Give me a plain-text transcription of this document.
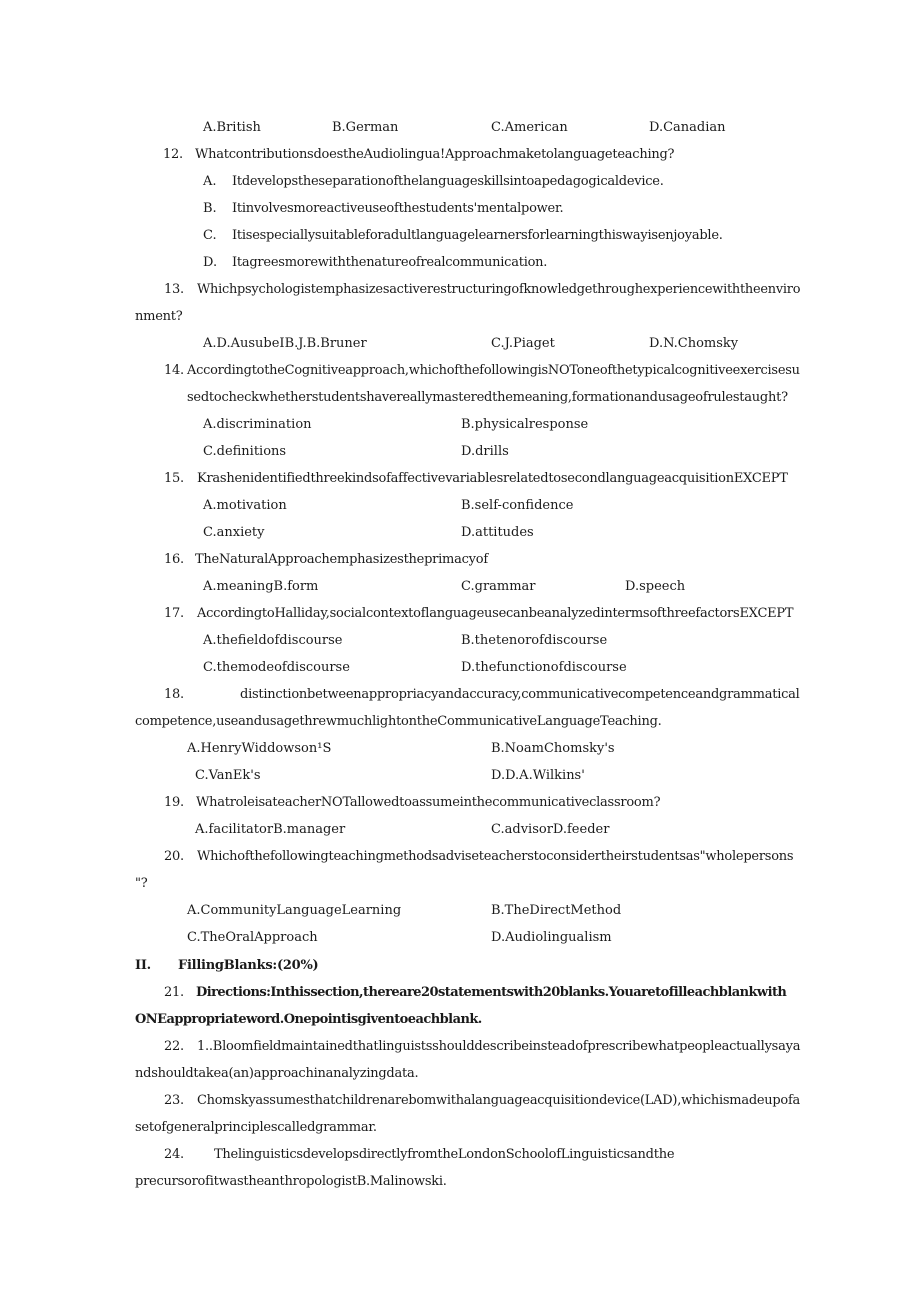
A.British	B.German	C.American	D.Canadian
12. WhatcontributionsdoestheAudiolingua!Approachmaketolanguageteaching?
A. Itdevelopstheseparationofthelanguageskillsintoapedagogicaldevice.
B. Itinvolvesmoreactiveuseofthestudents'mentalpower.
C. Itisespeciallysuitableforadultlanguagelearnersforlearningthiswayisenjoyable.
D. Itagreesmorewiththenatureofrealcommunication.
13. Whichpsychologistemphasizesactiverestructuringofknowledgethroughexperiencewiththeenviro
nment?
A.D.AusubeIB.J.B.Bruner	C.J.Piaget	D.N.Chomsky
14. AccordingtotheCognitiveapproach,whichofthefollowingisNOToneofthetypicalcognitiveexercisesu
sedtocheckwhetherstudentshavereallymasteredthemeaning,formationandusageofrulestaught?
A.discrimination	B.physicalresponse
C.definitions	D.drills
15. KrashenidentifiedthreekindsofaffectivevariablesrelatedtosecondlanguageacquisitionEXCEPT
A.motivation	B.self-confidence
C.anxiety	D.attitudes
16. TheNaturalApproachemphasizestheprimacyof
A.meaningB.form	C.grammar	D.speech
17. AccordingtoHalliday,socialcontextoflanguageusecanbeanalyzedintermsofthreefactorsEXCEPT
A.thefieldofdiscourse	B.thetenorofdiscourse
C.themodeofdiscourse	D.thefunctionofdiscourse
18.	distinctionbetweenappropriacyandaccuracy,communicativecompetenceandgrammatical
competence,useandusagethrewmuchlightontheCommunicativeLanguageTeaching.
A.HenryWiddowson¹S	B.NoamChomsky's
C.VanEk's	D.D.A.Wilkins'
19. WhatroleisateacherNOTallowedtoassumeinthecommunicativeclassroom?
A.facilitatorB.manager	C.advisorD.feeder
20. Whichofthefollowingteachingmethodsadviseteacherstoconsidertheirstudentsas"wholepersons
"?
A.CommunityLanguageLearning	B.TheDirectMethod
C.TheOralApproach	D.Audiolingualism
II. FillingBlanks:(20%)
21. Directions:Inthissection,thereare20statementswith20blanks.Youaretofilleachblankwith
ONEappropriateword.Onepointisgiventoeachblank.
22. 1..Bloomfieldmaintainedthatlinguistsshoulddescribeinsteadofprescribewhatpeopleactuallysaya
ndshouldtakea(an)approachinanalyzingdata.
23. Chomskyassumesthatchildrenarebomwithalanguageacquisitiondevice(LAD),whichismadeupofa
setofgeneralprinciplescalledgrammar.
24. ThelinguisticsdevelopsdirectlyfromtheLondonSchoolofLinguisticsandthe
precursorofitwastheanthropologistB.Malinowski.
